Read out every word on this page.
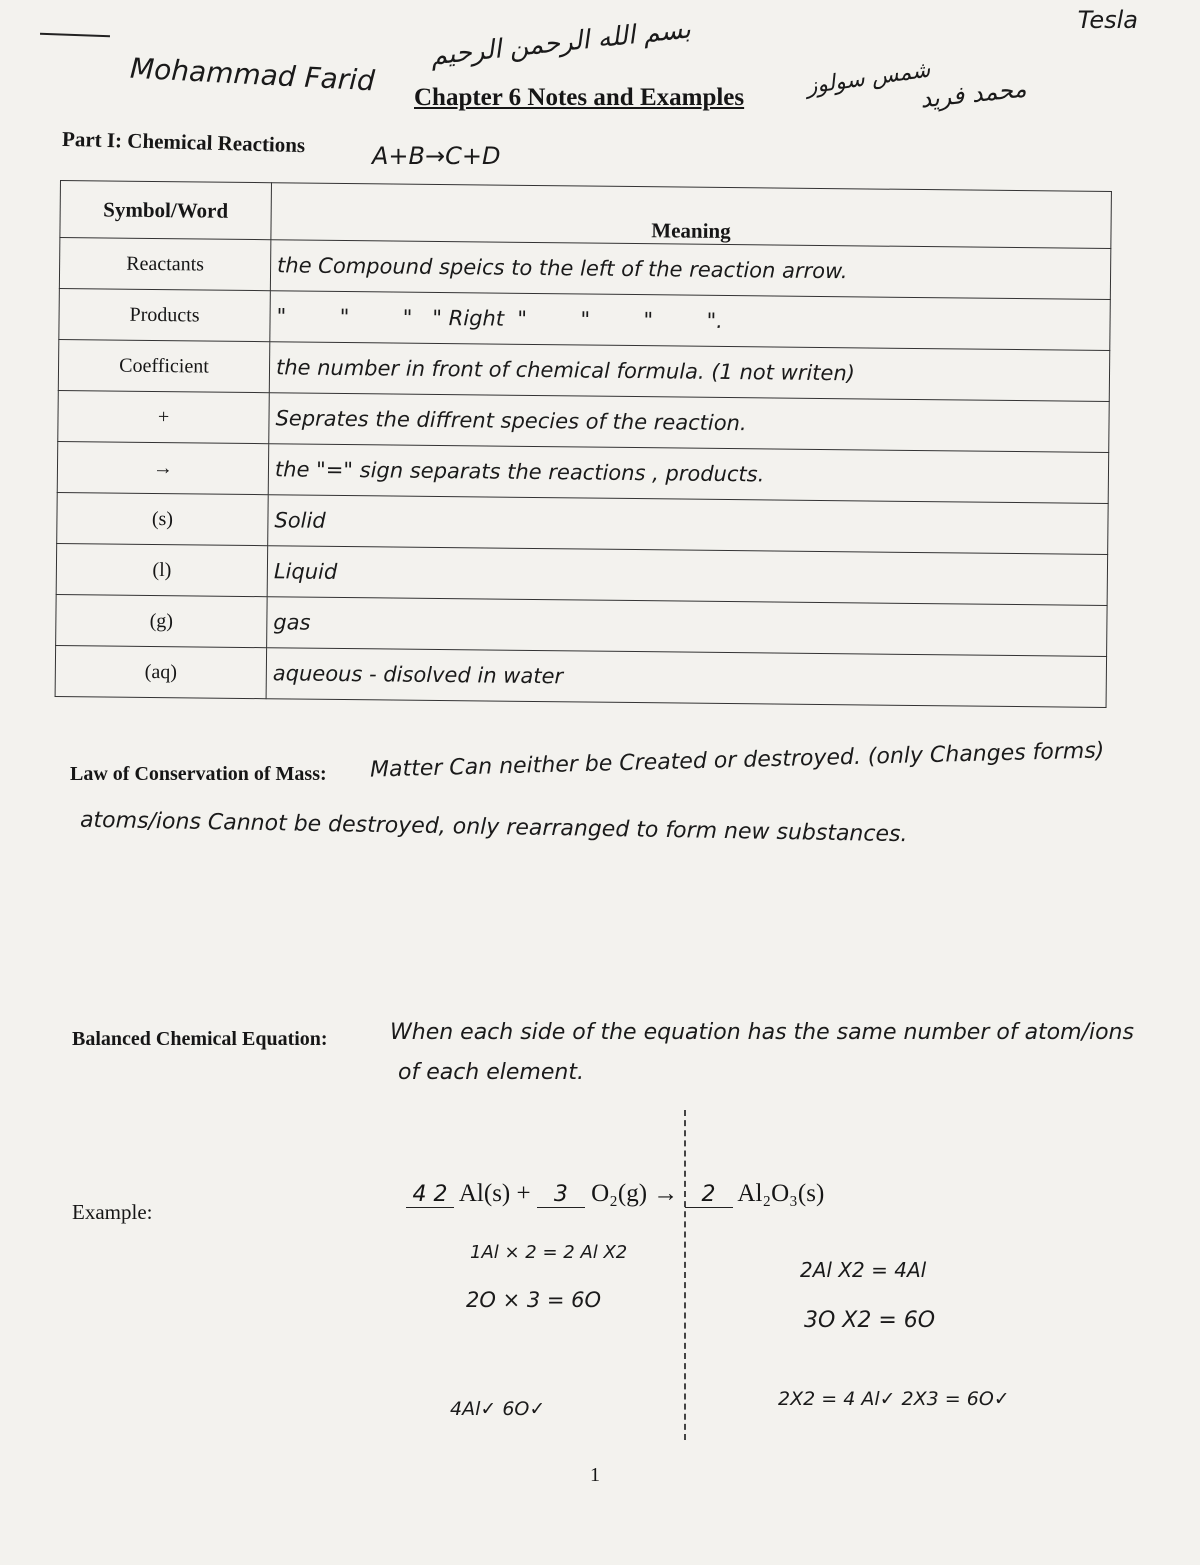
Mohammad Farid
بسم الله الرحمن الرحيم
Chapter 6 Notes and Examples
Tesla
شمس سولوز
محمد فريد
Part I: Chemical Reactions	A+B→C+D
Symbol/Word	Meaning
Reactants	the Compound speics to the left of the reaction arrow.
Products	"        "        "   " Right  "        "        "        ".
Coefficient	the number in front of chemical formula. (1 not writen)
+	Seprates the diffrent species of the reaction.
→	the "=" sign separats the reactions , products.
(s)	Solid
(l)	Liquid
(g)	gas
(aq)	aqueous - disolved in water
Law of Conservation of Mass: Matter Can neither be Created or destroyed. (only Changes forms)
atoms/ions Cannot be destroyed, only rearranged to form new substances.
Balanced Chemical Equation:	When each side of the equation has the same number of atom/ions
of each element.
Example:
4 2 Al(s) + 3 O₂(g) → 2 Al₂O₃(s)
1Al × 2 = 2 Al X2
2O × 3 = 6O
2Al X2 = 4Al
3O X2 = 6O
4Al✓ 6O✓	2X2 = 4 Al✓ 2X3 = 6O✓
1
